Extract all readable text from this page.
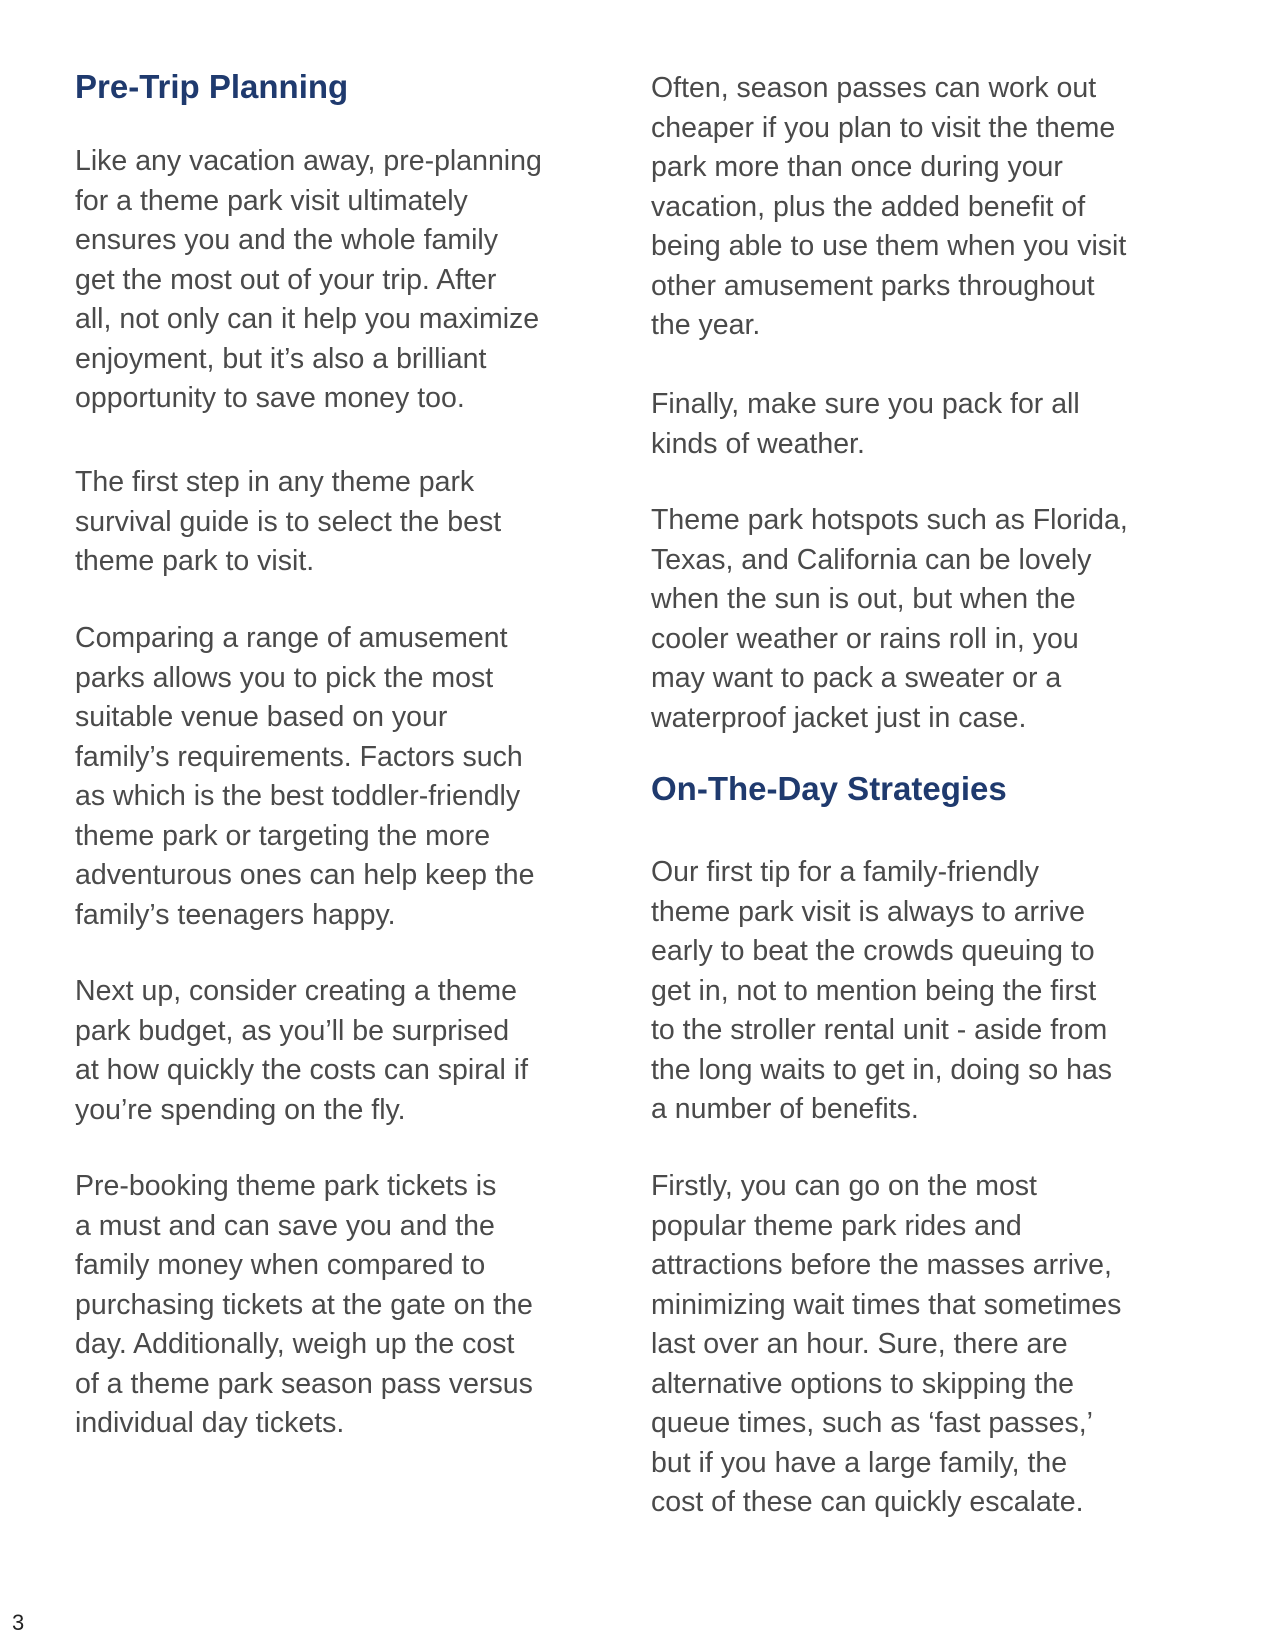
Pre-Trip Planning
Like any vacation away, pre-planning
for a theme park visit ultimately
ensures you and the whole family
get the most out of your trip. After
all, not only can it help you maximize
enjoyment, but it’s also a brilliant
opportunity to save money too.
The first step in any theme park
survival guide is to select the best
theme park to visit.
Comparing a range of amusement
parks allows you to pick the most
suitable venue based on your
family’s requirements. Factors such
as which is the best toddler-friendly
theme park or targeting the more
adventurous ones can help keep the
family’s teenagers happy.
Next up, consider creating a theme
park budget, as you’ll be surprised
at how quickly the costs can spiral if
you’re spending on the fly.
Pre-booking theme park tickets is
a must and can save you and the
family money when compared to
purchasing tickets at the gate on the
day. Additionally, weigh up the cost
of a theme park season pass versus
individual day tickets.
Often, season passes can work out
cheaper if you plan to visit the theme
park more than once during your
vacation, plus the added benefit of
being able to use them when you visit
other amusement parks throughout
the year.
Finally, make sure you pack for all
kinds of weather.
Theme park hotspots such as Florida,
Texas, and California can be lovely
when the sun is out, but when the
cooler weather or rains roll in, you
may want to pack a sweater or a
waterproof jacket just in case.
On-The-Day Strategies
Our first tip for a family-friendly
theme park visit is always to arrive
early to beat the crowds queuing to
get in, not to mention being the first
to the stroller rental unit - aside from
the long waits to get in, doing so has
a number of benefits.
Firstly, you can go on the most
popular theme park rides and
attractions before the masses arrive,
minimizing wait times that sometimes
last over an hour. Sure, there are
alternative options to skipping the
queue times, such as ‘fast passes,’
but if you have a large family, the
cost of these can quickly escalate.
3
